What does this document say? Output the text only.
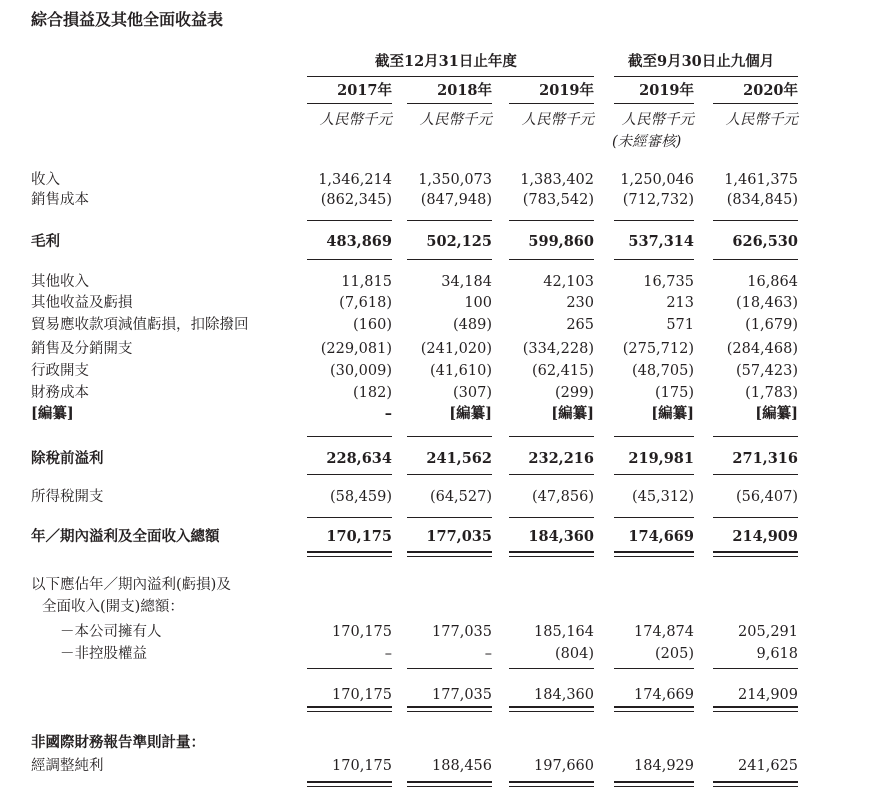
綜合損益及其他全面收益表
截至12月31日止年度	截至9月30日止九個月
2017年	2018年	2019年	2019年	2020年
人民幣千元	人民幣千元	人民幣千元	人民幣千元	人民幣千元
(未經審核)
收入	1,346,214	1,350,073	1,383,402	1,250,046	1,461,375
銷售成本	(862,345)	(847,948)	(783,542)	(712,732)	(834,845)
毛利	483,869	502,125	599,860	537,314	626,530
其他收入	11,815	34,184	42,103	16,735	16,864
其他收益及虧損	(7,618)	100	230	213	(18,463)
貿易應收款項減值虧損，扣除撥回	(160)	(489)	265	571	(1,679)
銷售及分銷開支	(229,081)	(241,020)	(334,228)	(275,712)	(284,468)
行政開支	(30,009)	(41,610)	(62,415)	(48,705)	(57,423)
財務成本	(182)	(307)	(299)	(175)	(1,783)
[編纂]	–	[編纂]	[編纂]	[編纂]	[編纂]
除稅前溢利	228,634	241,562	232,216	219,981	271,316
所得稅開支	(58,459)	(64,527)	(47,856)	(45,312)	(56,407)
年／期內溢利及全面收入總額	170,175	177,035	184,360	174,669	214,909
以下應佔年／期內溢利(虧損)及
全面收入(開支)總額：
－本公司擁有人	170,175	177,035	185,164	174,874	205,291
－非控股權益	–	–	(804)	(205)	9,618
170,175	177,035	184,360	174,669	214,909
非國際財務報告準則計量：
經調整純利	170,175	188,456	197,660	184,929	241,625
